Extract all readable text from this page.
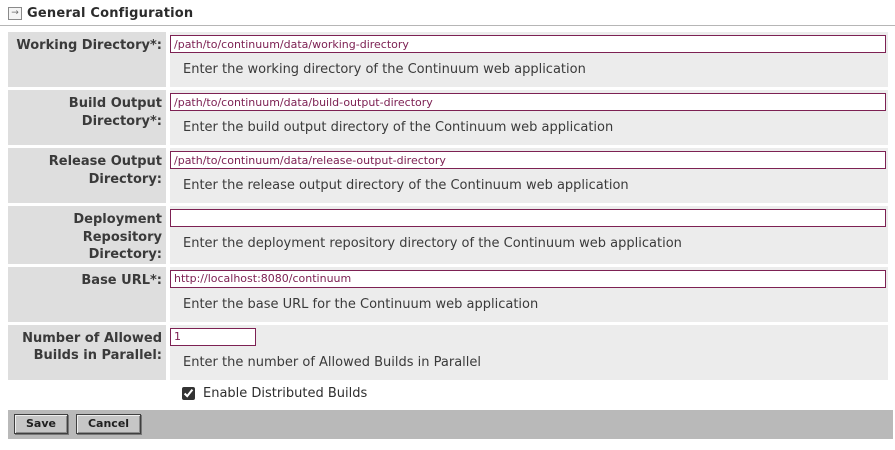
→ General Configuration
Working Directory*:
/path/to/continuum/data/working-directory
Enter the working directory of the Continuum web application
Build Output Directory*:
/path/to/continuum/data/build-output-directory	Enter the build output directory of the Continuum web application
Release Output Directory:
/path/to/continuum/data/release-output-directory	Enter the release output directory of the Continuum web application
Deployment Repository Directory:
Enter the deployment repository directory of the Continuum web application
Base URL*:
http://localhost:8080/continuum
Enter the base URL for the Continuum web application
Number of Allowed Builds in Parallel:
1	Enter the number of Allowed Builds in Parallel
Enable Distributed Builds
Save	Cancel
